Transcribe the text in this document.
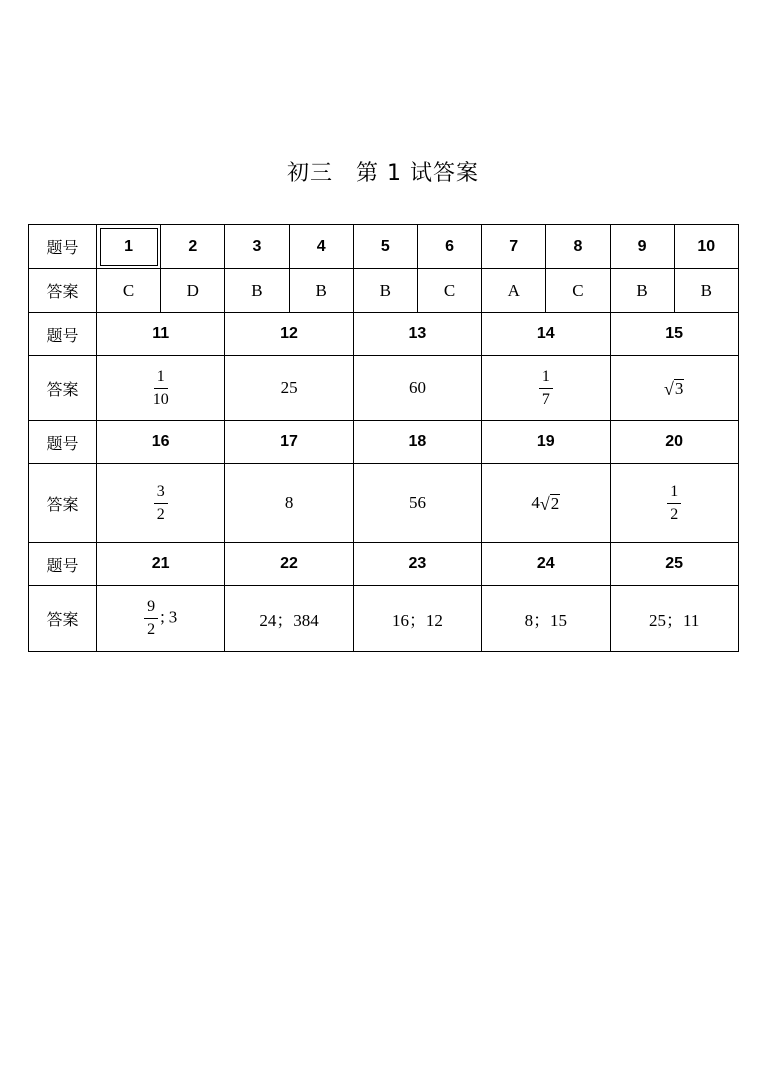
初三　第 1 试答案
题号	1	2	3	4	5	6	7	8	9	10
答案	C	D	B	B	B	C	A	C	B	B
题号	11		12		13		14		15	
答案	$\frac{1}{10}$		25		60		$\frac{1}{7}$		√ 3	

题号	16		17		18		19		20	
答案	$\frac{3}{2}$		8		56		4 √ 2		$\frac{1}{2}$

题号	21		22		23		24		25	
答案	$\frac{9}{2}$ ; 3		24；384		16；12		8；15		25；11	
